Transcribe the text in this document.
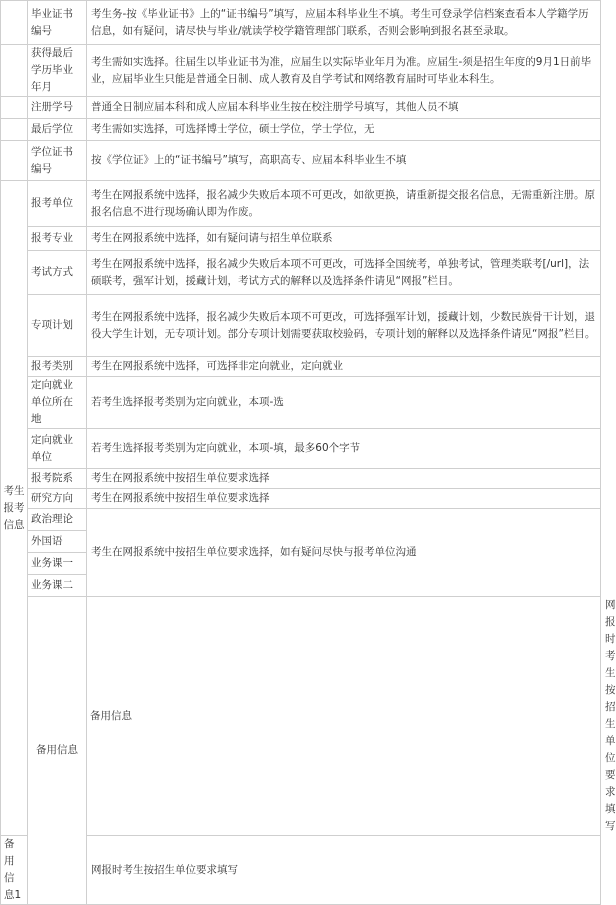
	毕业证书编号	考生务-按《毕业证书》上的“证书编号”填写，应届本科毕业生不填。考生可登录学信档案查看本人学籍学历信息，如有疑问，请尽快与毕业/就读学校学籍管理部门联系，否则会影响到报名甚至录取。	
	获得最后学历毕业年月	考生需如实选择。往届生以毕业证书为准，应届生以实际毕业年月为准。应届生-须是招生年度的9月1日前毕业，应届毕业生只能是普通全日制、成人教育及自学考试和网络教育届时可毕业本科生。	
	注册学号	普通全日制应届本科和成人应届本科毕业生按在校注册学号填写，其他人员不填	
	最后学位	考生需如实选择，可选择博士学位，硕士学位，学士学位，无	
	学位证书编号	按《学位证》上的“证书编号”填写，高职高专、应届本科毕业生不填	
考生报考信息	报考单位	考生在网报系统中选择，报名减少失败后本项不可更改，如欲更换，请重新提交报名信息，无需重新注册。原报名信息不进行现场确认即为作废。	
	报考专业	考生在网报系统中选择，如有疑问请与招生单位联系	
	考试方式	考生在网报系统中选择，报名减少失败后本项不可更改，可选择全国统考，单独考试，管理类联考[/url]，法硕联考，强军计划，援藏计划，考试方式的解释以及选择条件请见“网报”栏目。	
	专项计划	考生在网报系统中选择，报名减少失败后本项不可更改，可选择强军计划，援藏计划，少数民族骨干计划，退役大学生计划，无专项计划。部分专项计划需要获取校验码，专项计划的解释以及选择条件请见“网报”栏目。	
	报考类别	考生在网报系统中选择，可选择非定向就业，定向就业	
	定向就业单位所在地	若考生选择报考类别为定向就业，本项-选	
	定向就业单位	若考生选择报考类别为定向就业，本项-填，最多60个字节	
	报考院系	考生在网报系统中按招生单位要求选择	
	研究方向	考生在网报系统中按招生单位要求选择	
	政治理论	考生在网报系统中按招生单位要求选择，如有疑问尽快与报考单位沟通	
	外国语		
	业务课一		
	业务课二		
	备用信息	备用信息	网报时考生按招生单位要求填写
备用信息1		网报时考生按招生单位要求填写	
